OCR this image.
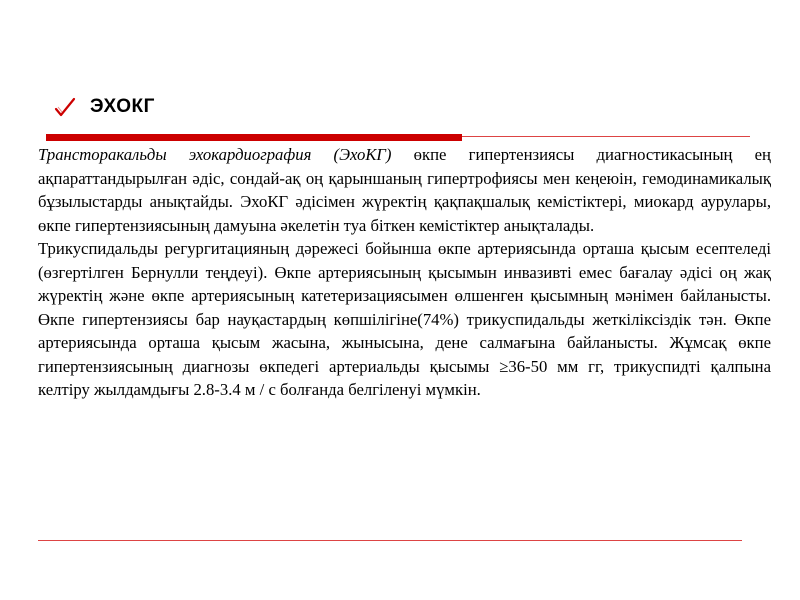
ЭХОКГ

Трансторакальды эхокардиография (ЭхоКГ) өкпе гипертензиясы диагностикасының ең ақпараттандырылған әдіс, сондай-ақ оң қарыншаның гипертрофиясы мен кеңеюін, гемодинамикалық бұзылыстарды анықтайды. ЭхоКГ әдісімен жүректің қақпақшалық кемістіктері, миокард аурулары, өкпе гипертензиясының дамуына әкелетін туа біткен кемістіктер анықталады.

Трикуспидальды регургитацияның дәрежесі бойынша өкпе артериясында орташа қысым есептеледі (өзгертілген Бернулли теңдеуі). Өкпе артериясының қысымын инвазивті емес бағалау әдісі оң жақ жүректің және өкпе артериясының катетеризациясымен өлшенген қысымның мәнімен байланысты. Өкпе гипертензиясы бар науқастардың көпшілігіне(74%) трикуспидальды жеткіліксіздік тән. Өкпе артериясында орташа қысым жасына, жынысына, дене салмағына байланысты. Жұмсақ өкпе гипертензиясының диагнозы өкпедегі артериальды қысымы ≥36-50 мм гг, трикуспидті қалпына келтіру жылдамдығы 2.8-3.4 м / с болғанда белгіленуі мүмкін.
